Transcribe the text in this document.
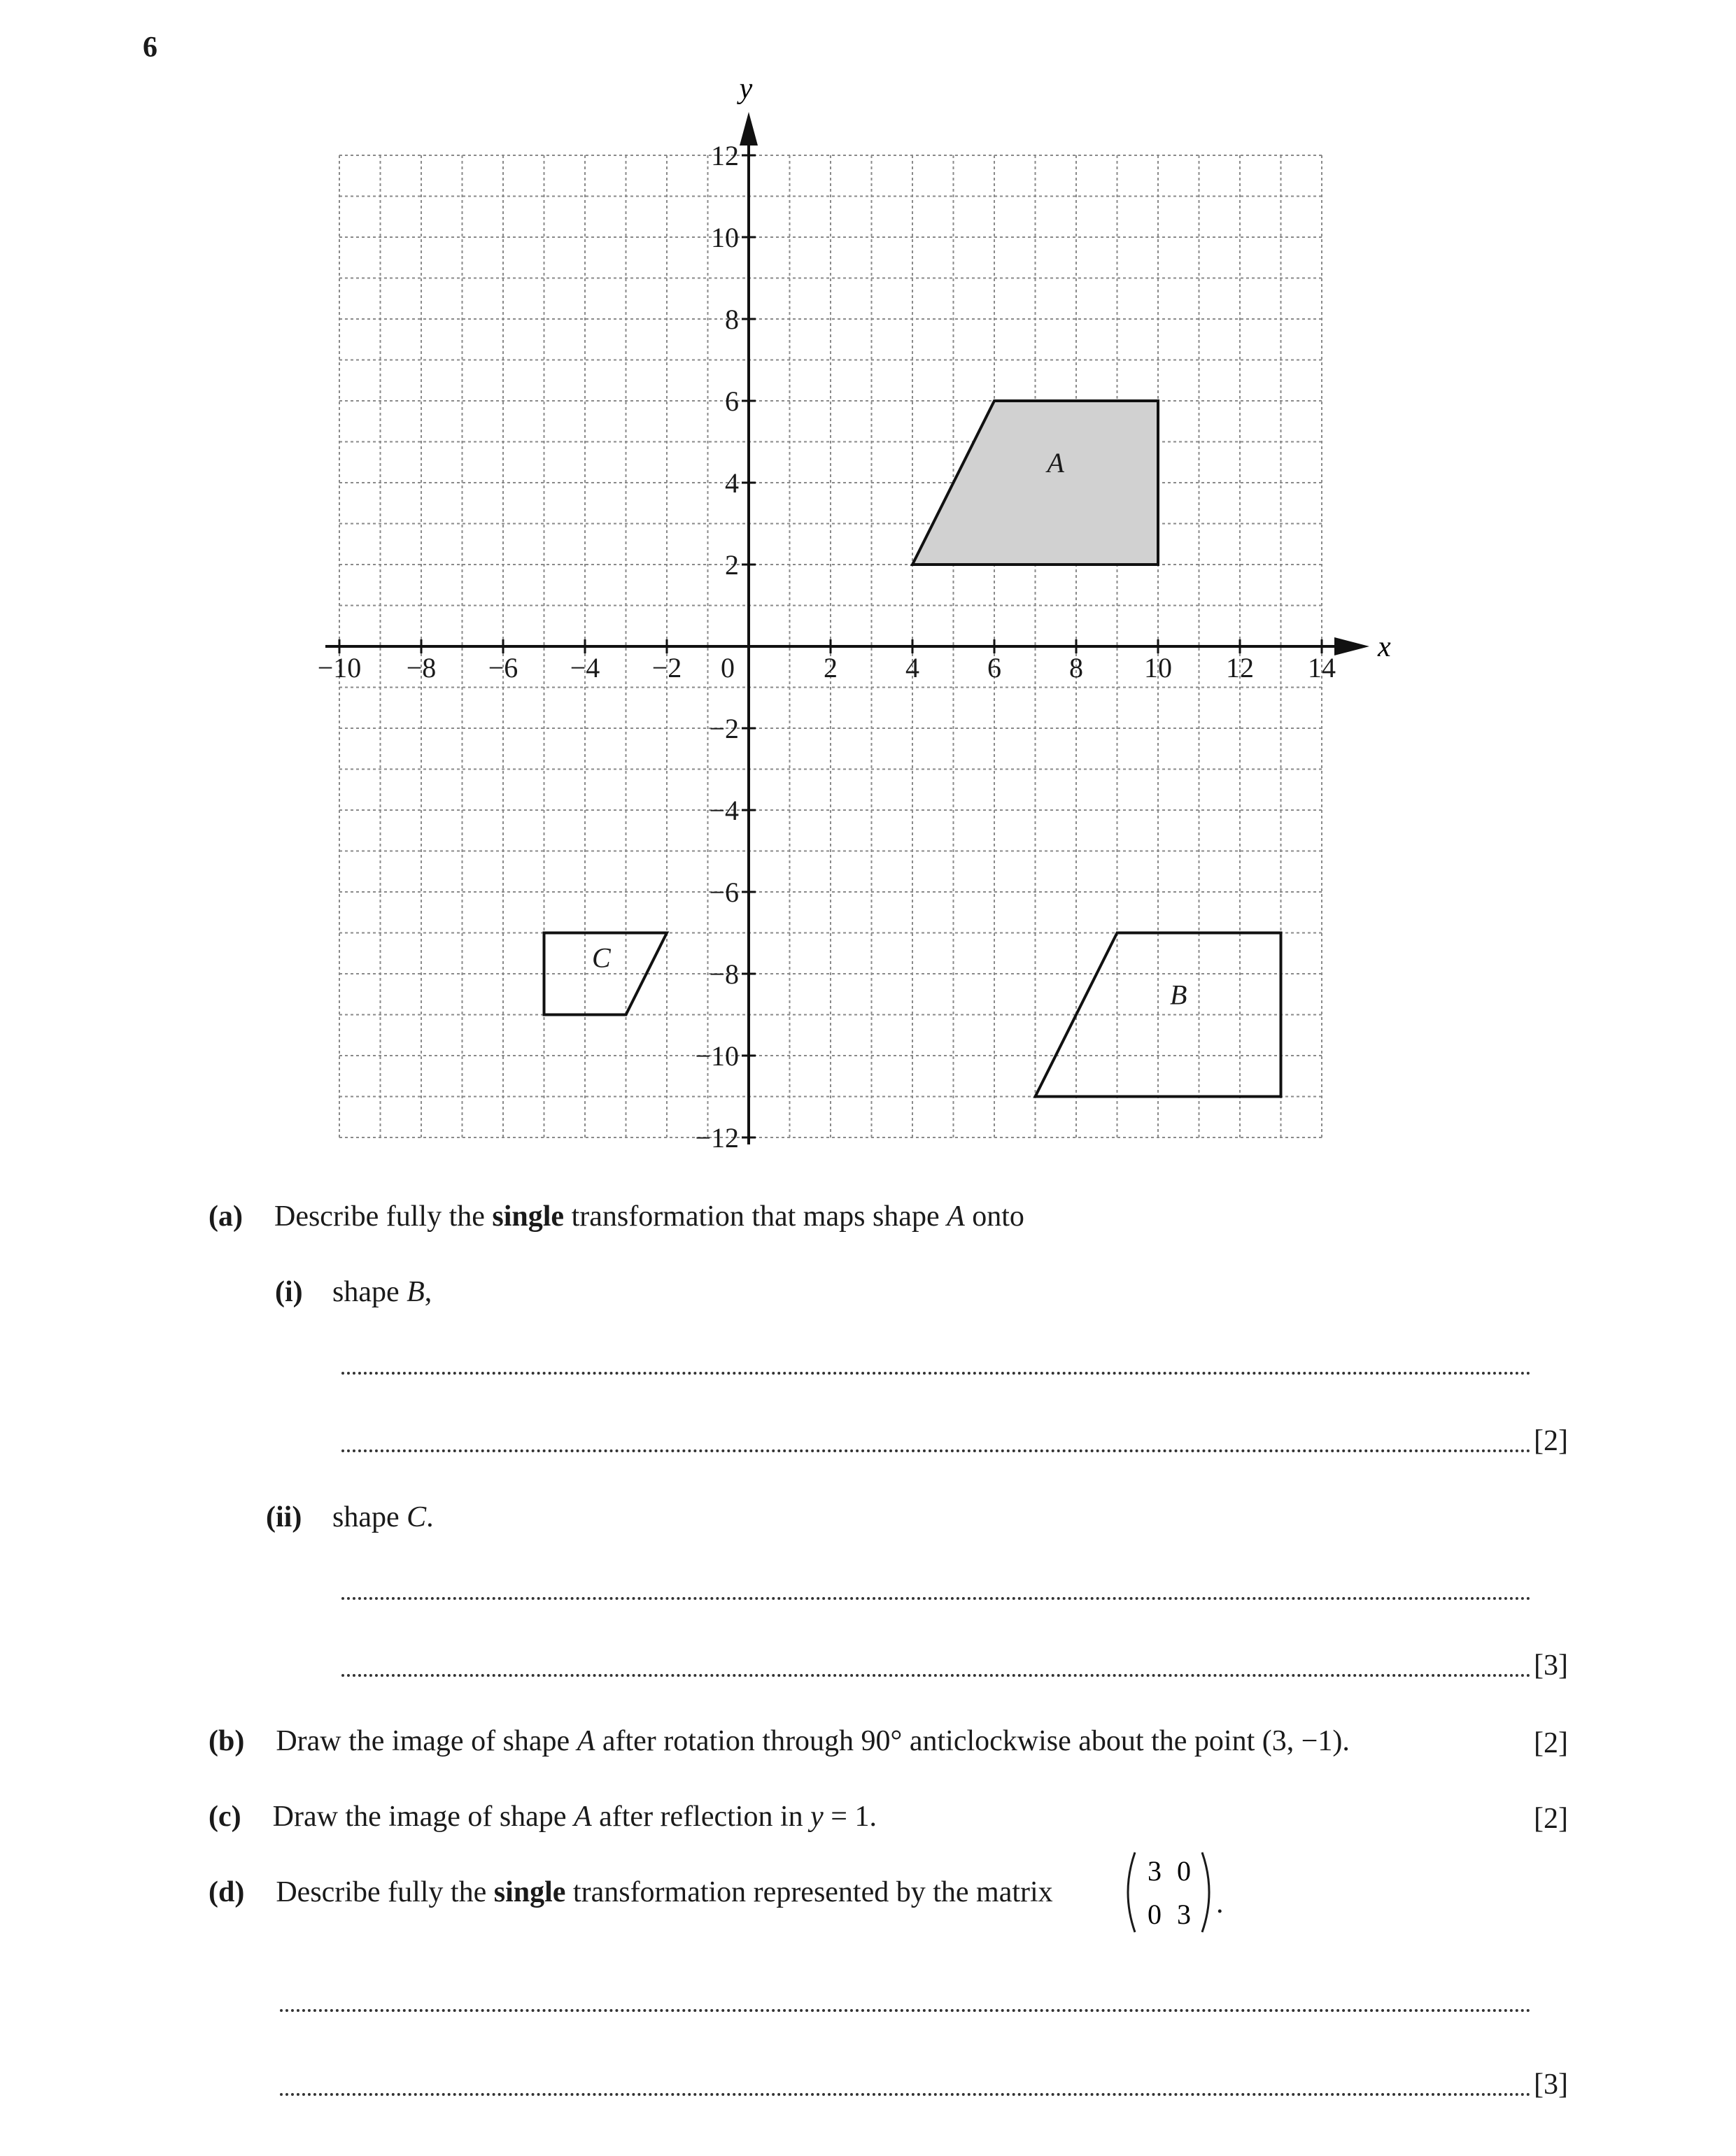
6
A
B
C
x
y
−10 −8 −6 −4 −2 0	2 4 6 8 10 12 14
12
10
8
6
4
2
−2
−4
−6
−8
−10
−12
(a) Describe fully the single transformation that maps shape A onto
(i) shape B,
[2]
(ii) shape C.
[3]
(b) Draw the image of shape A after rotation through 90° anticlockwise about the point (3, −1).	[2]
(c) Draw the image of shape A after reflection in y = 1.	[2]
(d) Describe fully the single transformation represented by the matrix
3 0
0 3 .
[3]
